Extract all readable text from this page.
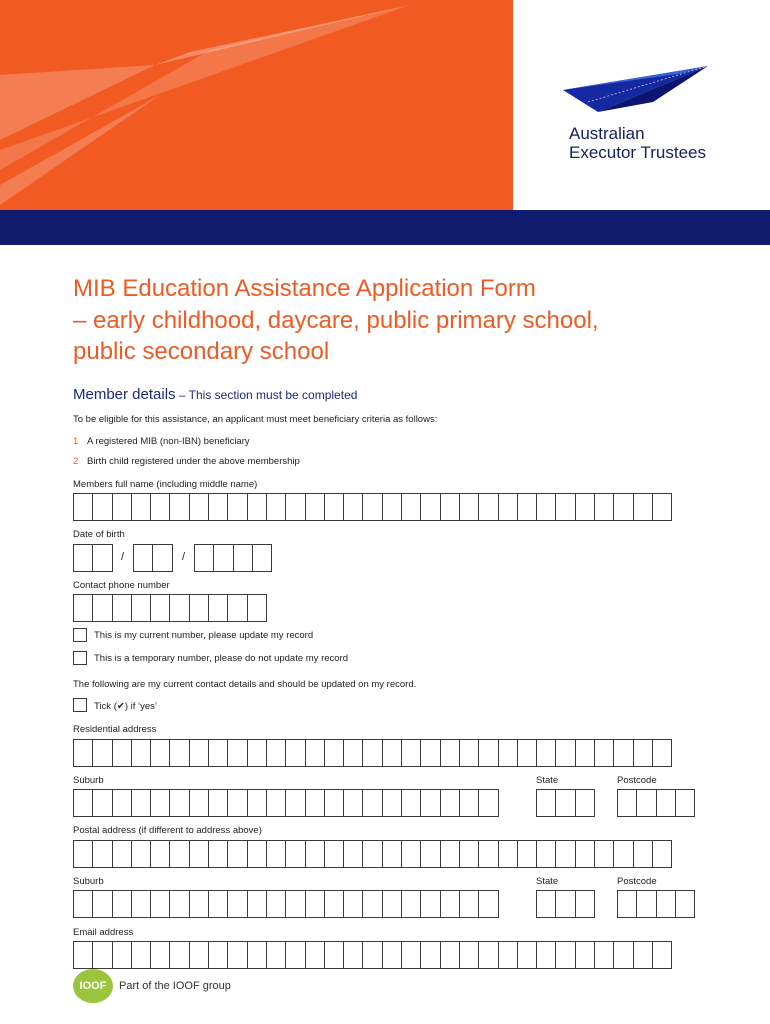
Australian
Executor Trustees
MIB Education Assistance Application Form
– early childhood, daycare, public primary school,
public secondary school
Member details – This section must be completed
To be eligible for this assistance, an applicant must meet beneficiary criteria as follows:
1 A registered MIB (non-IBN) beneficiary
2 Birth child registered under the above membership
Members full name (including middle name)
Date of birth
/	/
Contact phone number
This is my current number, please update my record
This is a temporary number, please do not update my record
The following are my current contact details and should be updated on my record.
Tick (✔) if ‘yes’
Residential address
Suburb	State	Postcode
Postal address (if different to address above)
Suburb	State	Postcode
Email address
IOOF Part of the IOOF group
